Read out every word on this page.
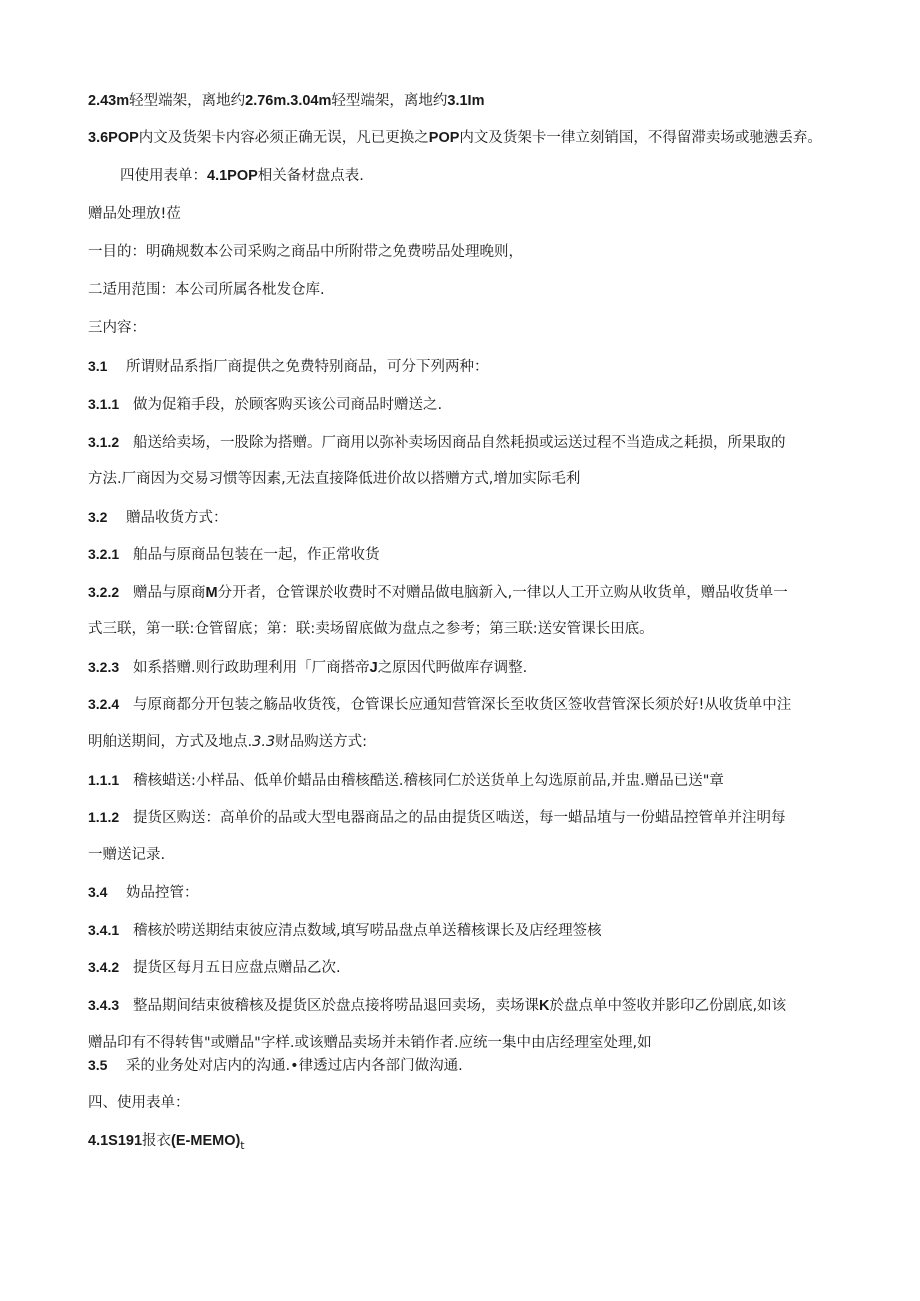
2.43m轻型端架，离地约2.76m.3.04m轻型端架，离地约3.1Im
3.6POP内文及货架卡内容必须正确无误，凡已更换之POP内文及货架卡一律立刻销国，不得留滞卖场或驰懑丢弃。
四使用表单：4.1POP相关备材盘点表.
赠品处理放!莅
一目的：明确规数本公司采购之商品中所附带之免费唠品处理晚则，
二适用范围：本公司所属各枇发仓库.
三内容：
3.1 所谓财品系指厂商提供之免费特别商品，可分下列两种：
3.1.1 做为促箱手段，於顾客购买该公司商品时赠送之.
3.1.2 船送给卖场，一股除为搭赠。厂商用以弥补卖场因商品自然耗损或运送过程不当造成之耗损，所果取的
方法.厂商因为交易习惯等因素,无法直接降低进价故以搭赠方式,增加实际毛利
3.2 贈品收货方式：
3.2.1 舶品与原商品包装在一起，作正常收货
3.2.2 赠品与原商M分开者，仓管课於收费时不对赠品做电脑新入,一律以人工开立购从收货单，赠品收货单一
式三联，第一联:仓管留底；第：联:卖场留底做为盘点之参考；第三联:送安管课长田底。
3.2.3 如系搭赠.则行政助理利用「厂商搭帝J之原因代眄做库存调整.
3.2.4 与原商都分开包装之觞品收货筏，仓管课长应通知营管深长至收货区签收营管深长须於好!从收货单中注
明舶送期间，方式及地点.3.3财品购送方式:
1.1.1 稽核蜡送:小样品、低单价蜡品由稽核酷送.稽核同仁於送货单上勾选原前品,并盅.赠品已送"章
1.1.2 提货区购送：高单价的品或大型电器商品之的品由提货区啮送，每一蜡品埴与一份蜡品控管单并注明每
一赠送记录.
3.4 妫品控管：
3.4.1 稽核於唠送期结束彼应清点数域,填写唠品盘点单送稽核课长及店经理签核
3.4.2 提货区每月五日应盘点赠品乙次.
3.4.3 整品期间结束彼稽核及提货区於盘点接将唠品退回卖场，卖场课K於盘点单中签收并影印乙份剧底,如该
赠品印有不得转售"或赠品"字样.或该赠品卖场并未销作者.应统一集中由店经理室处理,如
3.5 采的业务处对店内的沟通.•律透过店内各部门做沟通.
四、使用表单：
4.1S191报衣$(E-MEMO)_t$
